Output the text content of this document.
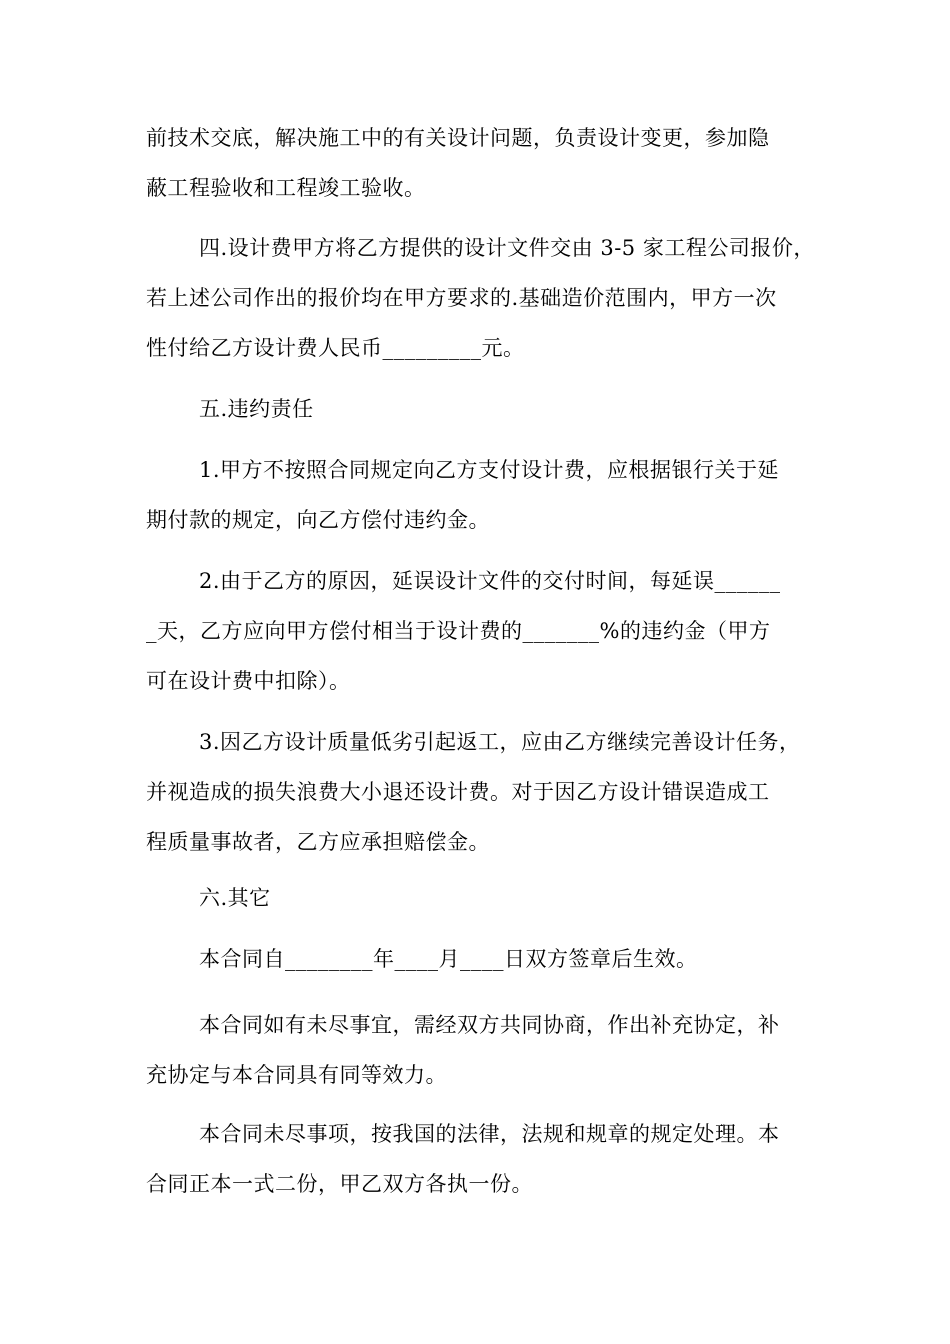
前技术交底，解决施工中的有关设计问题，负责设计变更，参加隐
蔽工程验收和工程竣工验收。
四.设计费甲方将乙方提供的设计文件交由 3-5 家工程公司报价，
若上述公司作出的报价均在甲方要求的.基础造价范围内，甲方一次
性付给乙方设计费人民币_________元。
五.违约责任
1.甲方不按照合同规定向乙方支付设计费，应根据银行关于延
期付款的规定，向乙方偿付违约金。
2.由于乙方的原因，延误设计文件的交付时间，每延误______
_天，乙方应向甲方偿付相当于设计费的_______%的违约金（甲方
可在设计费中扣除）。
3.因乙方设计质量低劣引起返工，应由乙方继续完善设计任务，
并视造成的损失浪费大小退还设计费。对于因乙方设计错误造成工
程质量事故者，乙方应承担赔偿金。
六.其它
本合同自________年____月____日双方签章后生效。
本合同如有未尽事宜，需经双方共同协商，作出补充协定，补
充协定与本合同具有同等效力。
本合同未尽事项，按我国的法律，法规和规章的规定处理。本
合同正本一式二份，甲乙双方各执一份。
